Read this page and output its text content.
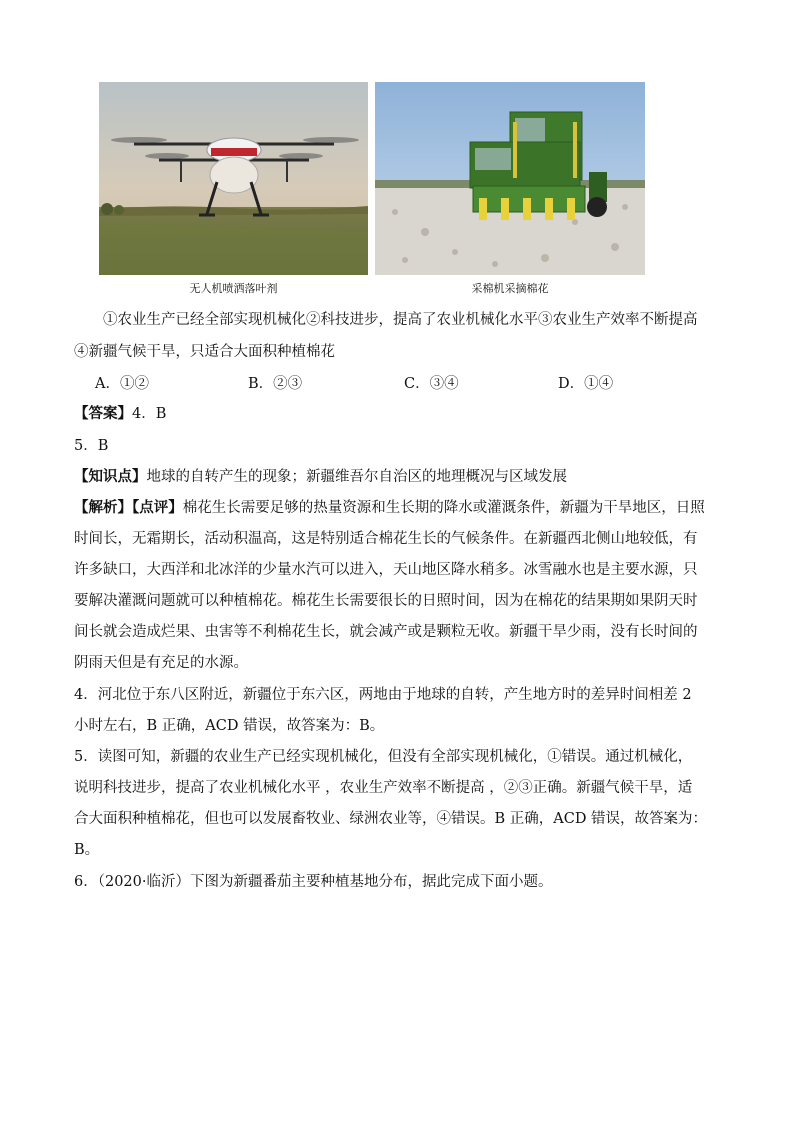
无人机喷洒落叶剂	采棉机采摘棉花
①农业生产已经全部实现机械化②科技进步，提高了农业机械化水平③农业生产效率不断提高
④新疆气候干旱，只适合大面积种植棉花
A．①②	B．②③	C．③④	D．①④
【答案】4．B
5．B
【知识点】地球的自转产生的现象；新疆维吾尔自治区的地理概况与区域发展
【解析】【点评】棉花生长需要足够的热量资源和生长期的降水或灌溉条件，新疆为干旱地区，日照
时间长，无霜期长，活动积温高，这是特别适合棉花生长的气候条件。在新疆西北侧山地较低，有
许多缺口，大西洋和北冰洋的少量水汽可以进入，天山地区降水稍多。冰雪融水也是主要水源，只
要解决灌溉问题就可以种植棉花。棉花生长需要很长的日照时间，因为在棉花的结果期如果阴天时
间长就会造成烂果、虫害等不利棉花生长，就会减产或是颗粒无收。新疆干旱少雨，没有长时间的
阴雨天但是有充足的水源。
4．河北位于东八区附近，新疆位于东六区，两地由于地球的自转，产生地方时的差异时间相差 2
小时左右，B 正确，ACD 错误，故答案为：B。
5．读图可知，新疆的农业生产已经实现机械化，但没有全部实现机械化，①错误。通过机械化，
说明科技进步，提高了农业机械化水平 ，农业生产效率不断提高 ，②③正确。新疆气候干旱，适
合大面积种植棉花，但也可以发展畜牧业、绿洲农业等，④错误。B 正确，ACD 错误，故答案为：
B。
6．（2020·临沂）下图为新疆番茄主要种植基地分布，据此完成下面小题。
